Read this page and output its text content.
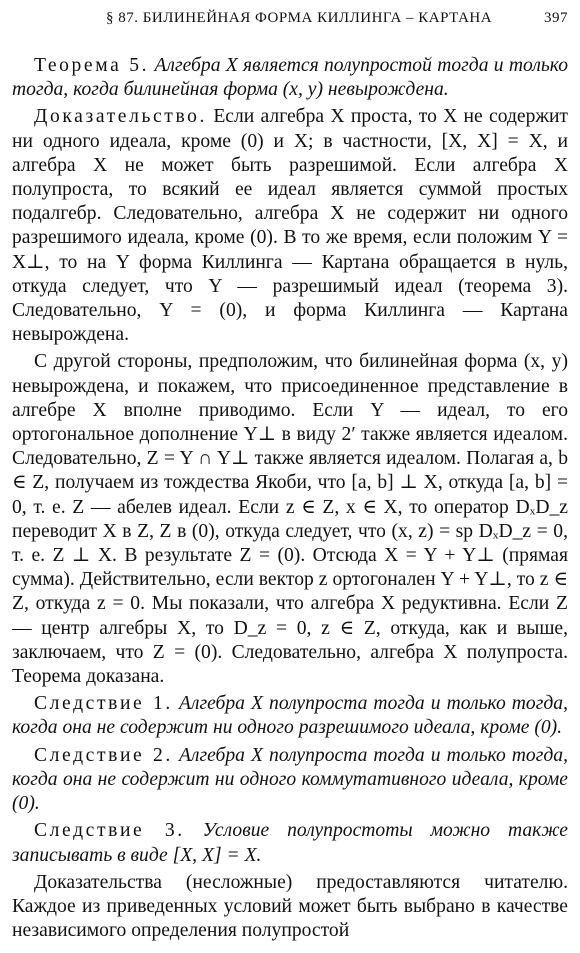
§ 87. БИЛИНЕЙНАЯ ФОРМА КИЛЛИНГА – КАРТАНА	397

Теорема 5. Алгебра X является полупростой тогда и только тогда, когда билинейная форма (x, y) невырождена.

Доказательство. Если алгебра X проста, то X не содержит ни одного идеала, кроме (0) и X; в частности, [X, X] = X, и алгебра X не может быть разрешимой. Если алгебра X полупроста, то всякий ее идеал является суммой простых подалгебр. Следовательно, алгебра X не содержит ни одного разрешимого идеала, кроме (0). В то же время, если положим Y = X⊥, то на Y форма Киллинга — Картана обращается в нуль, откуда следует, что Y — разрешимый идеал (теорема 3). Следовательно, Y = (0), и форма Киллинга — Картана невырождена.

С другой стороны, предположим, что билинейная форма (x, y) невырождена, и покажем, что присоединенное представление в алгебре X вполне приводимо. Если Y — идеал, то его ортогональное дополнение Y⊥ в виду 2′ также является идеалом. Следовательно, Z = Y ∩ Y⊥ также является идеалом. Полагая a, b ∈ Z, получаем из тождества Якоби, что [a, b] ⊥ X, откуда [a, b] = 0, т. е. Z — абелев идеал. Если z ∈ Z, x ∈ X, то оператор DₓD_z переводит X в Z, Z в (0), откуда следует, что (x, z) = sp DₓD_z = 0, т. е. Z ⊥ X. В результате Z = (0). Отсюда X = Y + Y⊥ (прямая сумма). Действительно, если вектор z ортогонален Y + Y⊥, то z ∈ Z, откуда z = 0. Мы показали, что алгебра X редуктивна. Если Z — центр алгебры X, то D_z = 0, z ∈ Z, откуда, как и выше, заключаем, что Z = (0). Следовательно, алгебра X полупроста. Теорема доказана.

Следствие 1. Алгебра X полупроста тогда и только тогда, когда она не содержит ни одного разрешимого идеала, кроме (0).

Следствие 2. Алгебра X полупроста тогда и только тогда, когда она не содержит ни одного коммутативного идеала, кроме (0).

Следствие 3. Условие полупростоты можно также записывать в виде [X, X] = X.

Доказательства (несложные) предоставляются читателю. Каждое из приведенных условий может быть выбрано в качестве независимого определения полупростой
